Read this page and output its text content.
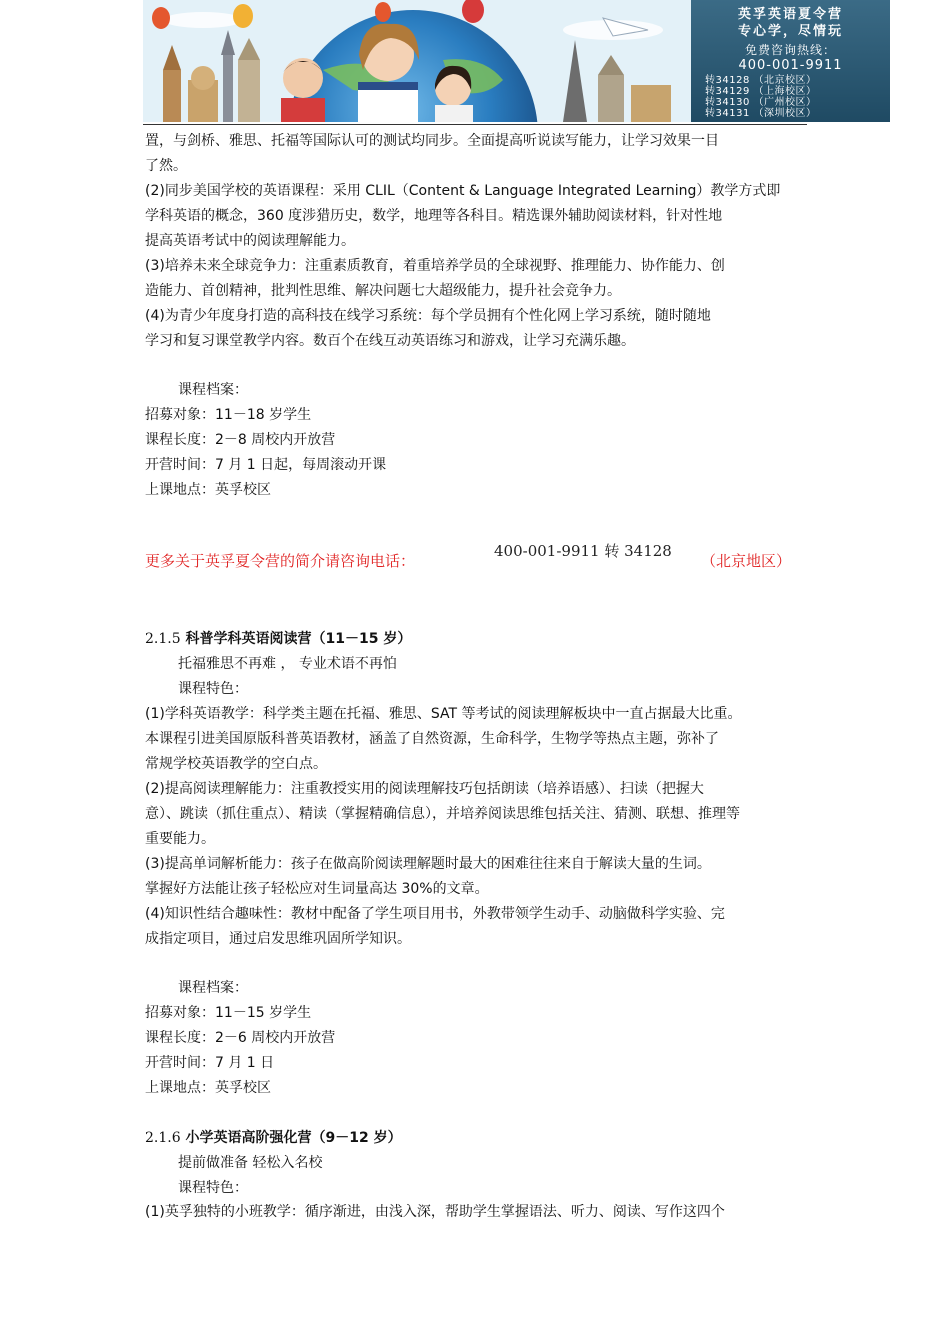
英孚英语夏令营
专心学，尽情玩
免费咨询热线：
400-001-9911
转34128 （北京校区）
转34129 （上海校区）
转34130 （广州校区）
转34131 （深圳校区）
置，与剑桥、雅思、托福等国际认可的测试均同步。全面提高听说读写能力，让学习效果一目
了然。
(2)同步美国学校的英语课程：采用 CLIL（Content & Language Integrated Learning）教学方式即
学科英语的概念，360 度涉猎历史，数学，地理等各科目。精选课外辅助阅读材料，针对性地
提高英语考试中的阅读理解能力。
(3)培养未来全球竞争力：注重素质教育，着重培养学员的全球视野、推理能力、协作能力、创
造能力、首创精神，批判性思维、解决问题七大超级能力，提升社会竞争力。
(4)为青少年度身打造的高科技在线学习系统：每个学员拥有个性化网上学习系统，随时随地
学习和复习课堂教学内容。数百个在线互动英语练习和游戏，让学习充满乐趣。
课程档案：
招募对象：11－18 岁学生
课程长度：2－8 周校内开放营
开营时间：7 月 1 日起，每周滚动开课
上课地点：英孚校区
更多关于英孚夏令营的简介请咨询电话：
400-001-9911 转 34128
（北京地区）
2.1.5 科普学科英语阅读营（11－15 岁）
托福雅思不再难 ， 专业术语不再怕
课程特色：
(1)学科英语教学：科学类主题在托福、雅思、SAT 等考试的阅读理解板块中一直占据最大比重。
本课程引进美国原版科普英语教材，涵盖了自然资源，生命科学，生物学等热点主题，弥补了
常规学校英语教学的空白点。
(2)提高阅读理解能力：注重教授实用的阅读理解技巧包括朗读（培养语感）、扫读（把握大
意）、跳读（抓住重点）、精读（掌握精确信息），并培养阅读思维包括关注、猜测、联想、推理等
重要能力。
(3)提高单词解析能力：孩子在做高阶阅读理解题时最大的困难往往来自于解读大量的生词。
掌握好方法能让孩子轻松应对生词量高达 30%的文章。
(4)知识性结合趣味性：教材中配备了学生项目用书，外教带领学生动手、动脑做科学实验、完
成指定项目，通过启发思维巩固所学知识。
课程档案：
招募对象：11－15 岁学生
课程长度：2－6 周校内开放营
开营时间：7 月 1 日
上课地点：英孚校区
2.1.6 小学英语高阶强化营（9－12 岁）
提前做准备 轻松入名校
课程特色：
(1)英孚独特的小班教学：循序渐进，由浅入深，帮助学生掌握语法、听力、阅读、写作这四个
